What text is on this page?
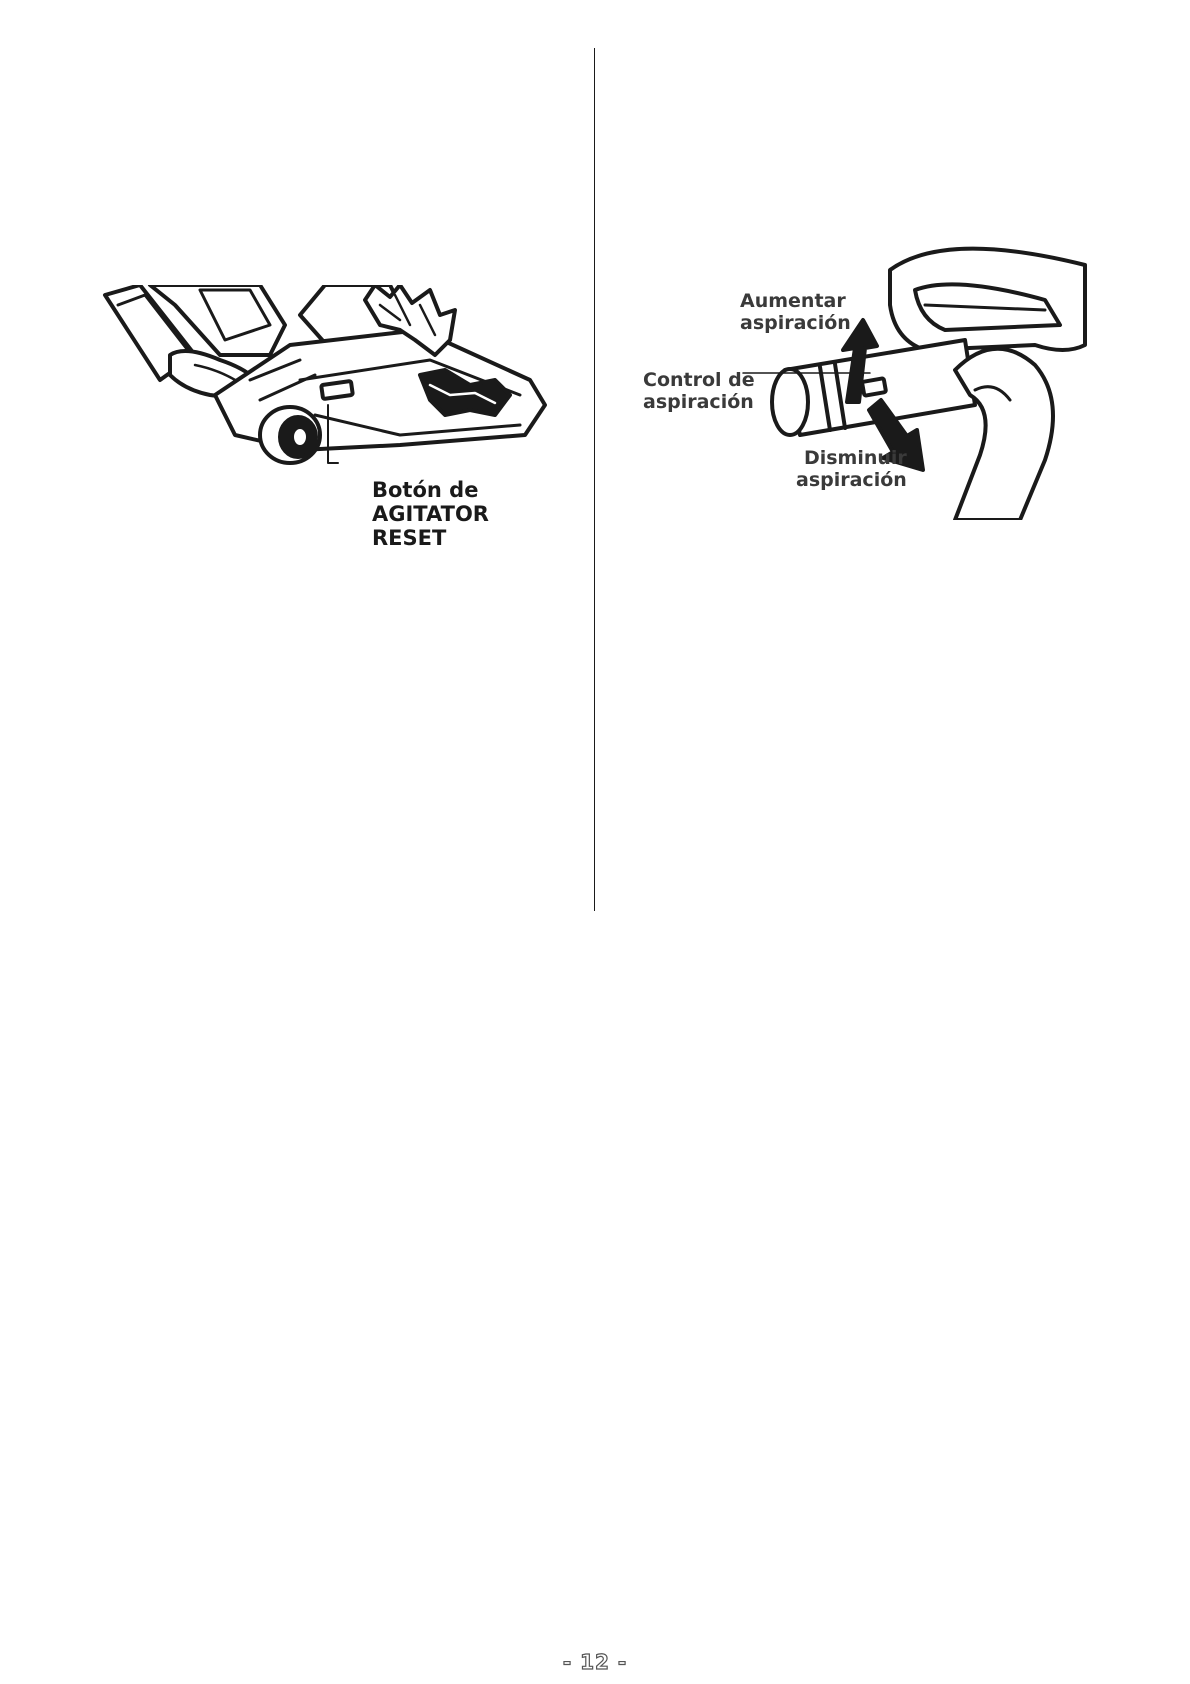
Botón de
AGITATOR
RESET
Aumentar
aspiración
Control de
aspiración
Disminuir
aspiración
- 12 -
